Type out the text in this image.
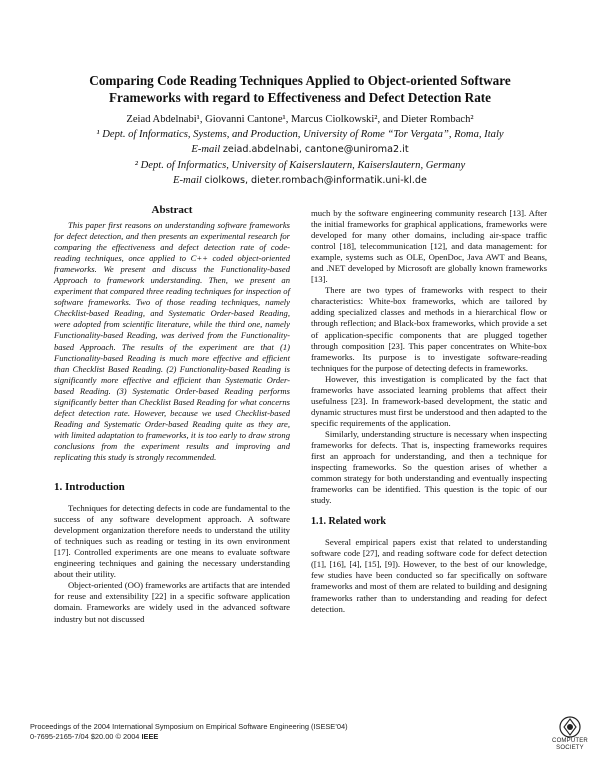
Comparing Code Reading Techniques Applied to Object-oriented Software
Frameworks with regard to Effectiveness and Defect Detection Rate
Zeiad Abdelnabi¹, Giovanni Cantone¹, Marcus Ciolkowski², and Dieter Rombach²
¹ Dept. of Informatics, Systems, and Production, University of Rome “Tor Vergata”, Roma, Italy
E-mail zeiad.abdelnabi, cantone@uniroma2.it
² Dept. of Informatics, University of Kaiserslautern, Kaiserslautern, Germany
E-mail ciolkows, dieter.rombach@informatik.uni-kl.de
Abstract

This paper first reasons on understanding software frameworks for defect detection, and then presents an experimental research for comparing the effectiveness and defect detection rate of code-reading techniques, once applied to C++ coded object-oriented frameworks. We present and discuss the Functionality-based Approach to framework understanding. Then, we present an experiment that compared three reading techniques for inspection of software frameworks. Two of those reading techniques, namely Checklist-based Reading, and Systematic Order-based Reading, were adopted from scientific literature, while the third one, namely Functionality-based Reading, was derived from the Functionality-based Approach. The results of the experiment are that (1) Functionality-based Reading is much more effective and efficient than Checklist Based Reading. (2) Functionality-based Reading is significantly more effective and efficient than Systematic Order-based Reading. (3) Systematic Order-based Reading performs significantly better than Checklist Based Reading for what concerns defect detection rate. However, because we used Checklist-based Reading and Systematic Order-based Reading quite as they are, with limited adaptation to frameworks, it is too early to draw strong conclusions from the experiment results and improving and replicating this study is strongly recommended.

1. Introduction

Techniques for detecting defects in code are fundamental to the success of any software development approach. A software development organization therefore needs to understand the utility of techniques such as reading or testing in its own environment [17]. Controlled experiments are one means to evaluate software engineering techniques and gaining the necessary understanding about their utility.

Object-oriented (OO) frameworks are artifacts that are intended for reuse and extensibility [22] in a specific software application domain. Frameworks are widely used in the advanced software industry but not discussed

much by the software engineering community research [13]. After the initial frameworks for graphical applications, frameworks were developed for many other domains, including air-space traffic control [18], telecommunication [12], and data management: for example, systems such as OLE, OpenDoc, Java AWT and Beans, and .NET developed by Microsoft are globally known frameworks [13].

There are two types of frameworks with respect to their characteristics: White-box frameworks, which are tailored by adding specialized classes and methods in a hierarchical flow or through reflection; and Black-box frameworks, which provide a set of application-specific components that are plugged together through composition [23]. This paper concentrates on White-box frameworks. Its purpose is to investigate software-reading techniques for the purpose of detecting defects in frameworks.

However, this investigation is complicated by the fact that frameworks have associated learning problems that affect their usefulness [23]. In framework-based development, the static and dynamic structures must first be understood and then adapted to the specific requirements of the application.

Similarly, understanding structure is necessary when inspecting frameworks for defects. That is, inspecting frameworks requires first an approach for understanding, and then a technique for inspecting frameworks. So the question arises of whether a common strategy for both understanding and eventually inspecting frameworks can be identified. This question is the topic of our study.

1.1. Related work

Several empirical papers exist that related to understanding software code [27], and reading software code for defect detection ([1], [16], [4], [15], [9]). However, to the best of our knowledge, few studies have been conducted so far specifically on software frameworks and most of them are related to building and designing frameworks rather than to understanding and reading for defect detection.

Proceedings of the 2004 International Symposium on Empirical Software Engineering (ISESE’04)
0-7695-2165-7/04 $20.00 © 2004 IEEE	COMPUTER
SOCIETY
